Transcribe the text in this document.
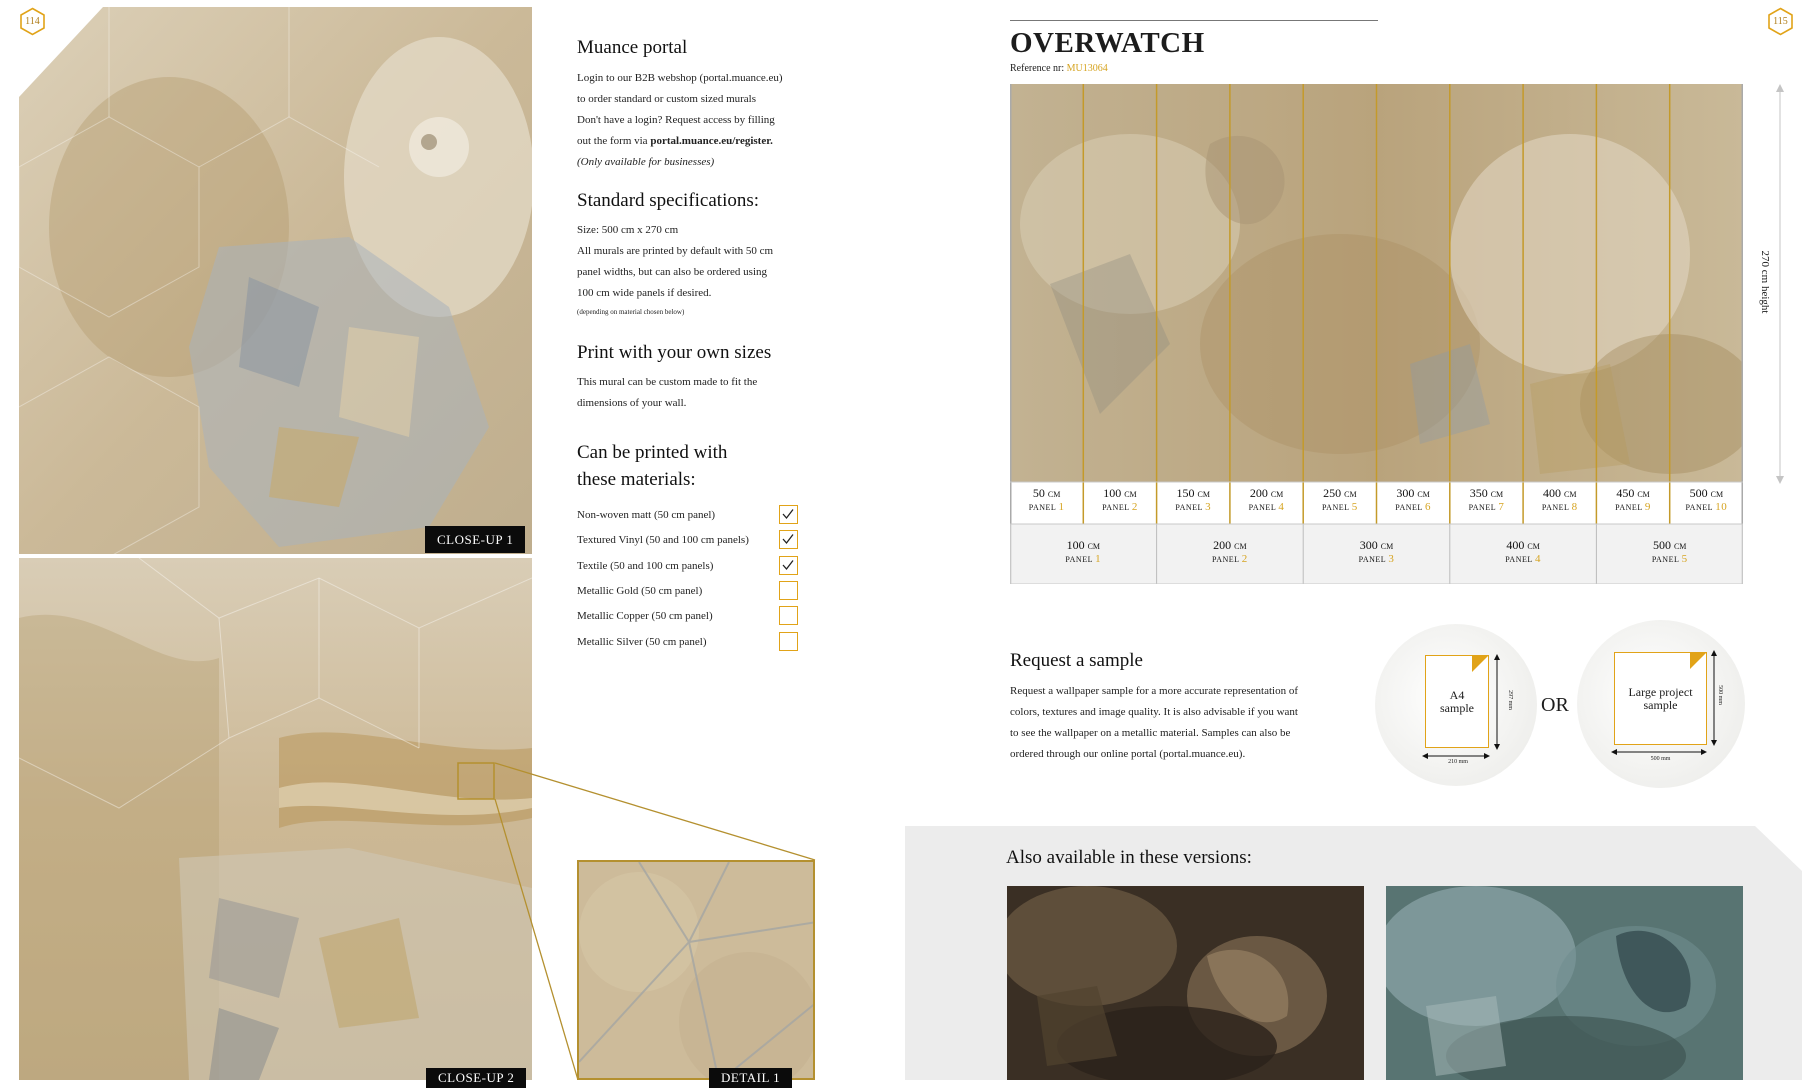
114
CLOSE-UP 1
CLOSE-UP 2	DETAIL 1
Muance portal
Login to our B2B webshop (portal.muance.eu)
to order standard or custom sized murals
Don't have a login? Request access by filling
out the form via portal.muance.eu/register.
(Only available for businesses)
Standard specifications:
Size: 500 cm x 270 cm
All murals are printed by default with 50 cm
panel widths, but can also be ordered using
100 cm wide panels if desired.
(depending on material chosen below)
Print with your own sizes
This mural can be custom made to fit the
dimensions of your wall.
Can be printed with
these materials:
Non-woven matt (50 cm panel)
Textured Vinyl (50 and 100 cm panels)
Textile (50 and 100 cm panels)
Metallic Gold (50 cm panel)
Metallic Copper (50 cm panel)
Metallic Silver (50 cm panel)
115
OVERWATCH
Reference nr: MU13064
50 CM
PANEL 1
100 CM
PANEL 2
150 CM
PANEL 3
200 CM
PANEL 4
250 CM
PANEL 5
300 CM
PANEL 6
350 CM
PANEL 7
400 CM
PANEL 8
450 CM
PANEL 9
500 CM
PANEL 10
100 CM
PANEL 1
200 CM
PANEL 2
300 CM
PANEL 3
400 CM
PANEL 4
500 CM
PANEL 5
270 cm height
Request a sample
Request a wallpaper sample for a more accurate representation of
colors, textures and image quality. It is also advisable if you want
to see the wallpaper on a metallic material. Samples can also be
ordered through our online portal (portal.muance.eu).
A4
sample	297 mm
210 mm
OR
Large project
sample
500 mm
500 mm
Also available in these versions:
